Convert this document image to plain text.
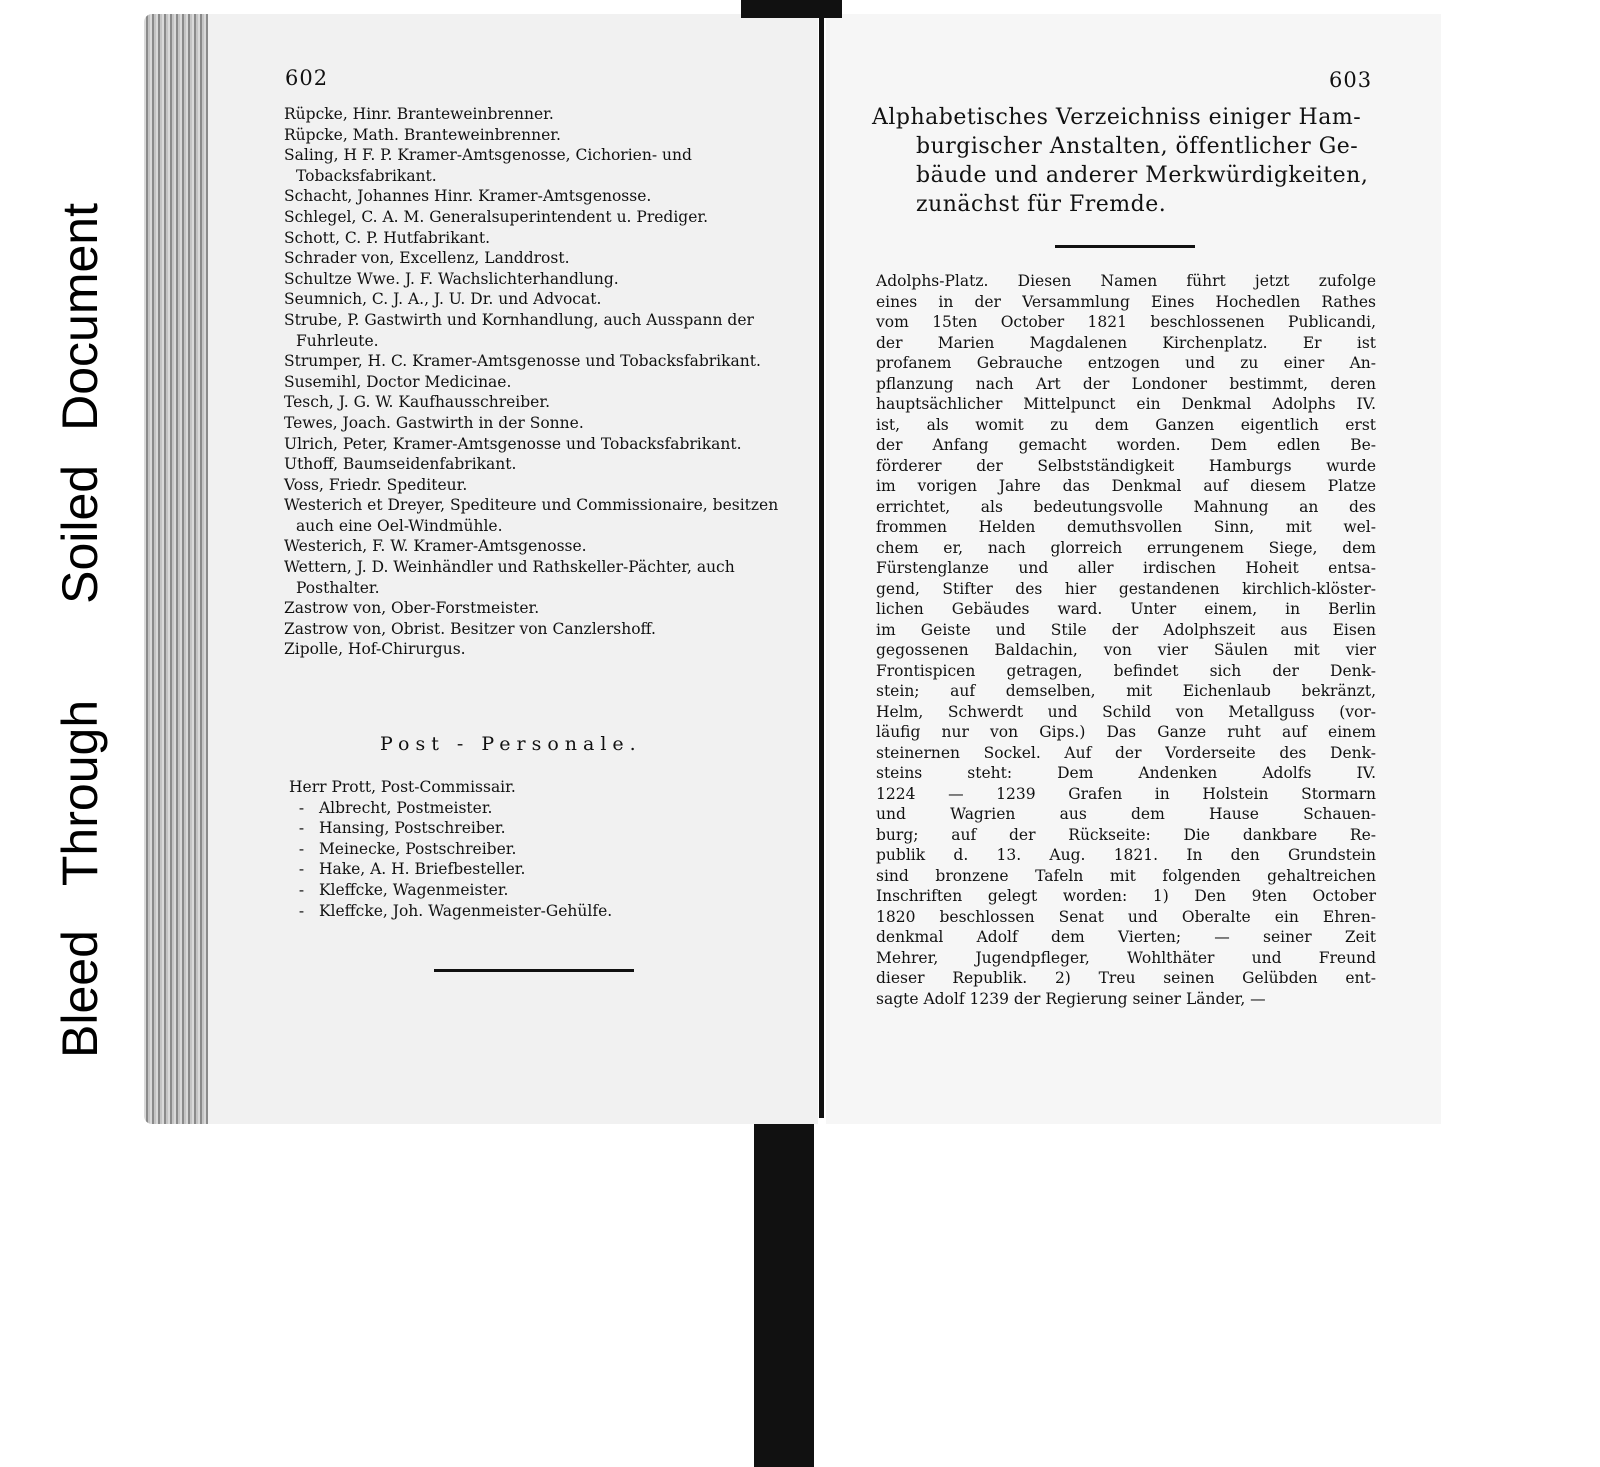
BleedThroughSoiledDocument
602
Rüpcke, Hinr. Branteweinbrenner.
Rüpcke, Math. Branteweinbrenner.
Saling, H F. P. Kramer-Amtsgenosse, Cichorien- und Tobacksfabrikant.
Schacht, Johannes Hinr. Kramer-Amtsgenosse.
Schlegel, C. A. M. Generalsuperintendent u. Prediger.
Schott, C. P. Hutfabrikant.
Schrader von, Excellenz, Landdrost.
Schultze Wwe. J. F. Wachslichterhandlung.
Seumnich, C. J. A., J. U. Dr. und Advocat.
Strube, P. Gastwirth und Kornhandlung, auch Ausspann der Fuhrleute.
Strumper, H. C. Kramer-Amtsgenosse und Tobacksfabrikant.
Susemihl, Doctor Medicinae.
Tesch, J. G. W. Kaufhausschreiber.
Tewes, Joach. Gastwirth in der Sonne.
Ulrich, Peter, Kramer-Amtsgenosse und Tobacksfabrikant.
Uthoff, Baumseidenfabrikant.
Voss, Friedr. Spediteur.
Westerich et Dreyer, Spediteure und Commissionaire, besitzen auch eine Oel-Windmühle.
Westerich, F. W. Kramer-Amtsgenosse.
Wettern, J. D. Weinhändler und Rathskeller-Pächter, auch Posthalter.
Zastrow von, Ober-Forstmeister.
Zastrow von, Obrist. Besitzer von Canzlershoff.
Zipolle, Hof-Chirurgus.
Post - Personale.
Herr Prott, Post-Commissair.
- Albrecht, Postmeister.
- Hansing, Postschreiber.
- Meinecke, Postschreiber.
- Hake, A. H. Briefbesteller.
- Kleffcke, Wagenmeister.
- Kleffcke, Joh. Wagenmeister-Gehülfe.
603
Alphabetisches Verzeichniss einiger Ham-
burgischer Anstalten, öffentlicher Ge-
bäude und anderer Merkwürdigkeiten,
zunächst für Fremde.
Adolphs-Platz. Diesen Namen führt jetzt zufolge
eines in der Versammlung Eines Hochedlen Rathes
vom 15ten October 1821 beschlossenen Publicandi,
der Marien Magdalenen Kirchenplatz. Er ist
profanem Gebrauche entzogen und zu einer An-
pflanzung nach Art der Londoner bestimmt, deren
hauptsächlicher Mittelpunct ein Denkmal Adolphs IV.
ist, als womit zu dem Ganzen eigentlich erst
der Anfang gemacht worden. Dem edlen Be-
förderer der Selbstständigkeit Hamburgs wurde
im vorigen Jahre das Denkmal auf diesem Platze
errichtet, als bedeutungsvolle Mahnung an des
frommen Helden demuthsvollen Sinn, mit wel-
chem er, nach glorreich errungenem Siege, dem
Fürstenglanze und aller irdischen Hoheit entsa-
gend, Stifter des hier gestandenen kirchlich-klöster-
lichen Gebäudes ward. Unter einem, in Berlin
im Geiste und Stile der Adolphszeit aus Eisen
gegossenen Baldachin, von vier Säulen mit vier
Frontispicen getragen, befindet sich der Denk-
stein; auf demselben, mit Eichenlaub bekränzt,
Helm, Schwerdt und Schild von Metallguss (vor-
läufig nur von Gips.) Das Ganze ruht auf einem
steinernen Sockel. Auf der Vorderseite des Denk-
steins steht: Dem Andenken Adolfs IV.
1224 — 1239 Grafen in Holstein Stormarn
und Wagrien aus dem Hause Schauen-
burg; auf der Rückseite: Die dankbare Re-
publik d. 13. Aug. 1821. In den Grundstein
sind bronzene Tafeln mit folgenden gehaltreichen
Inschriften gelegt worden: 1) Den 9ten October
1820 beschlossen Senat und Oberalte ein Ehren-
denkmal Adolf dem Vierten; — seiner Zeit
Mehrer, Jugendpfleger, Wohlthäter und Freund
dieser Republik. 2) Treu seinen Gelübden ent-
sagte Adolf 1239 der Regierung seiner Länder, —
